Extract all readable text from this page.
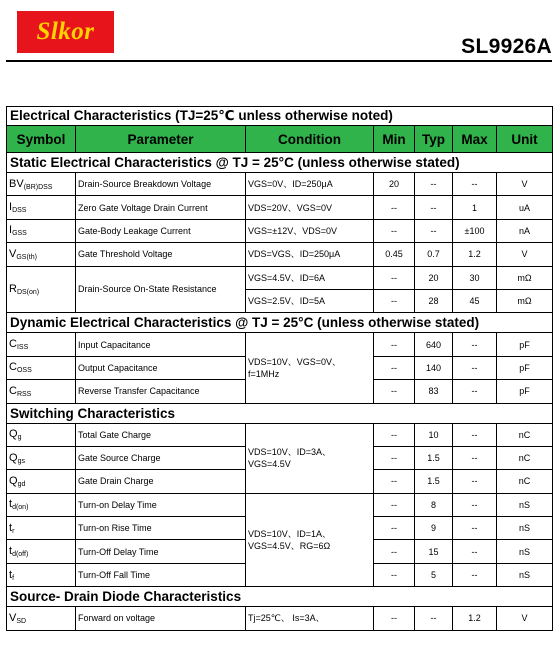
Slkor
SL9926A
Electrical Characteristics (TJ=25℃ unless otherwise noted)						
Symbol	Parameter	Condition	Min	Typ	Max	Unit
Static Electrical Characteristics @ TJ = 25°C (unless otherwise stated)						
$BV_{(BR)DSS}$	Drain-Source Breakdown Voltage	VGS=0V、ID=250μA	20	--	--	V
$I_{DSS}$	Zero Gate Voltage Drain Current	VDS=20V、VGS=0V	--	--	1	uA
$I_{GSS}$	Gate-Body Leakage Current	VGS=±12V、VDS=0V	--	--	±100	nA
$V_{GS(th)}$	Gate Threshold Voltage	VDS=VGS、ID=250μA	0.45	0.7	1.2	V
$R_{DS(on)}$	Drain-Source On-State Resistance	VGS=4.5V、ID=6A	--	20	30	mΩ
		VGS=2.5V、ID=5A	--	28	45	mΩ
Dynamic Electrical Characteristics @ TJ = 25°C (unless otherwise stated)						
$C_{ISS}$	Input Capacitance	VDS=10V、VGS=0V、 f=1MHz	--	640	--	pF
$C_{OSS}$	Output Capacitance		--	140	--	pF
$C_{RSS}$	Reverse Transfer Capacitance		--	83	--	pF
Switching Characteristics						
$Q_g$	Total Gate Charge	VDS=10V、ID=3A、 VGS=4.5V	--	10	--	nC
$Q_{gs}$	Gate Source Charge		--	1.5	--	nC
$Q_{gd}$	Gate Drain Charge		--	1.5	--	nC
$t_{d(on)}$	Turn-on Delay Time	VDS=10V、ID=1A、 VGS=4.5V、RG=6Ω	--	8	--	nS
$t_r$	Turn-on Rise Time		--	9	--	nS
$t_{d(off)}$	Turn-Off Delay Time		--	15	--	nS
$t_f$	Turn-Off Fall Time		--	5	--	nS
Source- Drain Diode Characteristics						
$V_{SD}$	Forward on voltage	Tj=25℃、 Is=3A、	--	--	1.2	V
